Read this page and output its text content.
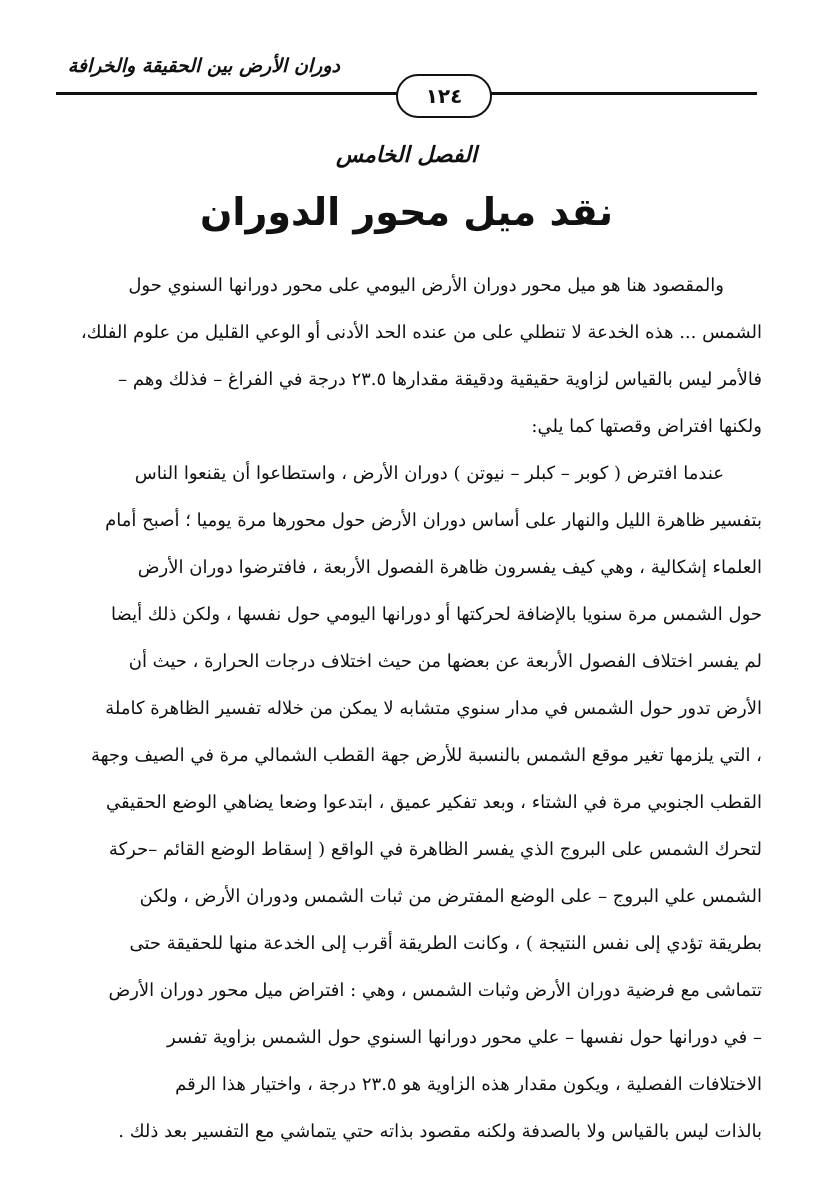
دوران الأرض بين الحقيقة والخرافة
١٢٤
الفصل الخامس
نقد ميل محور الدوران
والمقصود هنا هو ميل محور دوران الأرض اليومي على محور دورانها السنوي حول
الشمس ... هذه الخدعة لا تنطلي على من عنده الحد الأدنى أو الوعي القليل من علوم الفلك،
فالأمر ليس بالقياس لزاوية حقيقية ودقيقة مقدارها ٢٣.٥ درجة في الفراغ – فذلك وهم –
ولكنها افتراض وقصتها كما يلي:
عندما افترض ( كوبر – كبلر – نيوتن ) دوران الأرض ، واستطاعوا أن يقنعوا الناس
بتفسير ظاهرة الليل والنهار على أساس دوران الأرض حول محورها مرة يوميا ؛ أصبح أمام
العلماء إشكالية ، وهي كيف يفسرون ظاهرة الفصول الأربعة ، فافترضوا دوران الأرض
حول الشمس مرة سنويا بالإضافة لحركتها أو دورانها اليومي حول نفسها ، ولكن ذلك أيضا
لم يفسر اختلاف الفصول الأربعة عن بعضها من حيث اختلاف درجات الحرارة ، حيث أن
الأرض تدور حول الشمس في مدار سنوي متشابه لا يمكن من خلاله تفسير الظاهرة كاملة
، التي يلزمها تغير موقع الشمس بالنسبة للأرض جهة القطب الشمالي مرة في الصيف وجهة
القطب الجنوبي مرة في الشتاء ، وبعد تفكير عميق ، ابتدعوا وضعا يضاهي الوضع الحقيقي
لتحرك الشمس على البروج الذي يفسر الظاهرة في الواقع ( إسقاط الوضع القائم –حركة
الشمس علي البروج – على الوضع المفترض من ثبات الشمس ودوران الأرض ، ولكن
بطريقة تؤدي إلى نفس النتيجة ) ، وكانت الطريقة أقرب إلى الخدعة منها للحقيقة حتى
تتماشى مع فرضية دوران الأرض وثبات الشمس ، وهي : افتراض ميل محور دوران الأرض
– في دورانها حول نفسها – علي محور دورانها السنوي حول الشمس بزاوية تفسر
الاختلافات الفصلية ، ويكون مقدار هذه الزاوية هو ٢٣.٥ درجة ، واختيار هذا الرقم
بالذات ليس بالقياس ولا بالصدفة ولكنه مقصود بذاته حتي يتماشي مع التفسير بعد ذلك .
